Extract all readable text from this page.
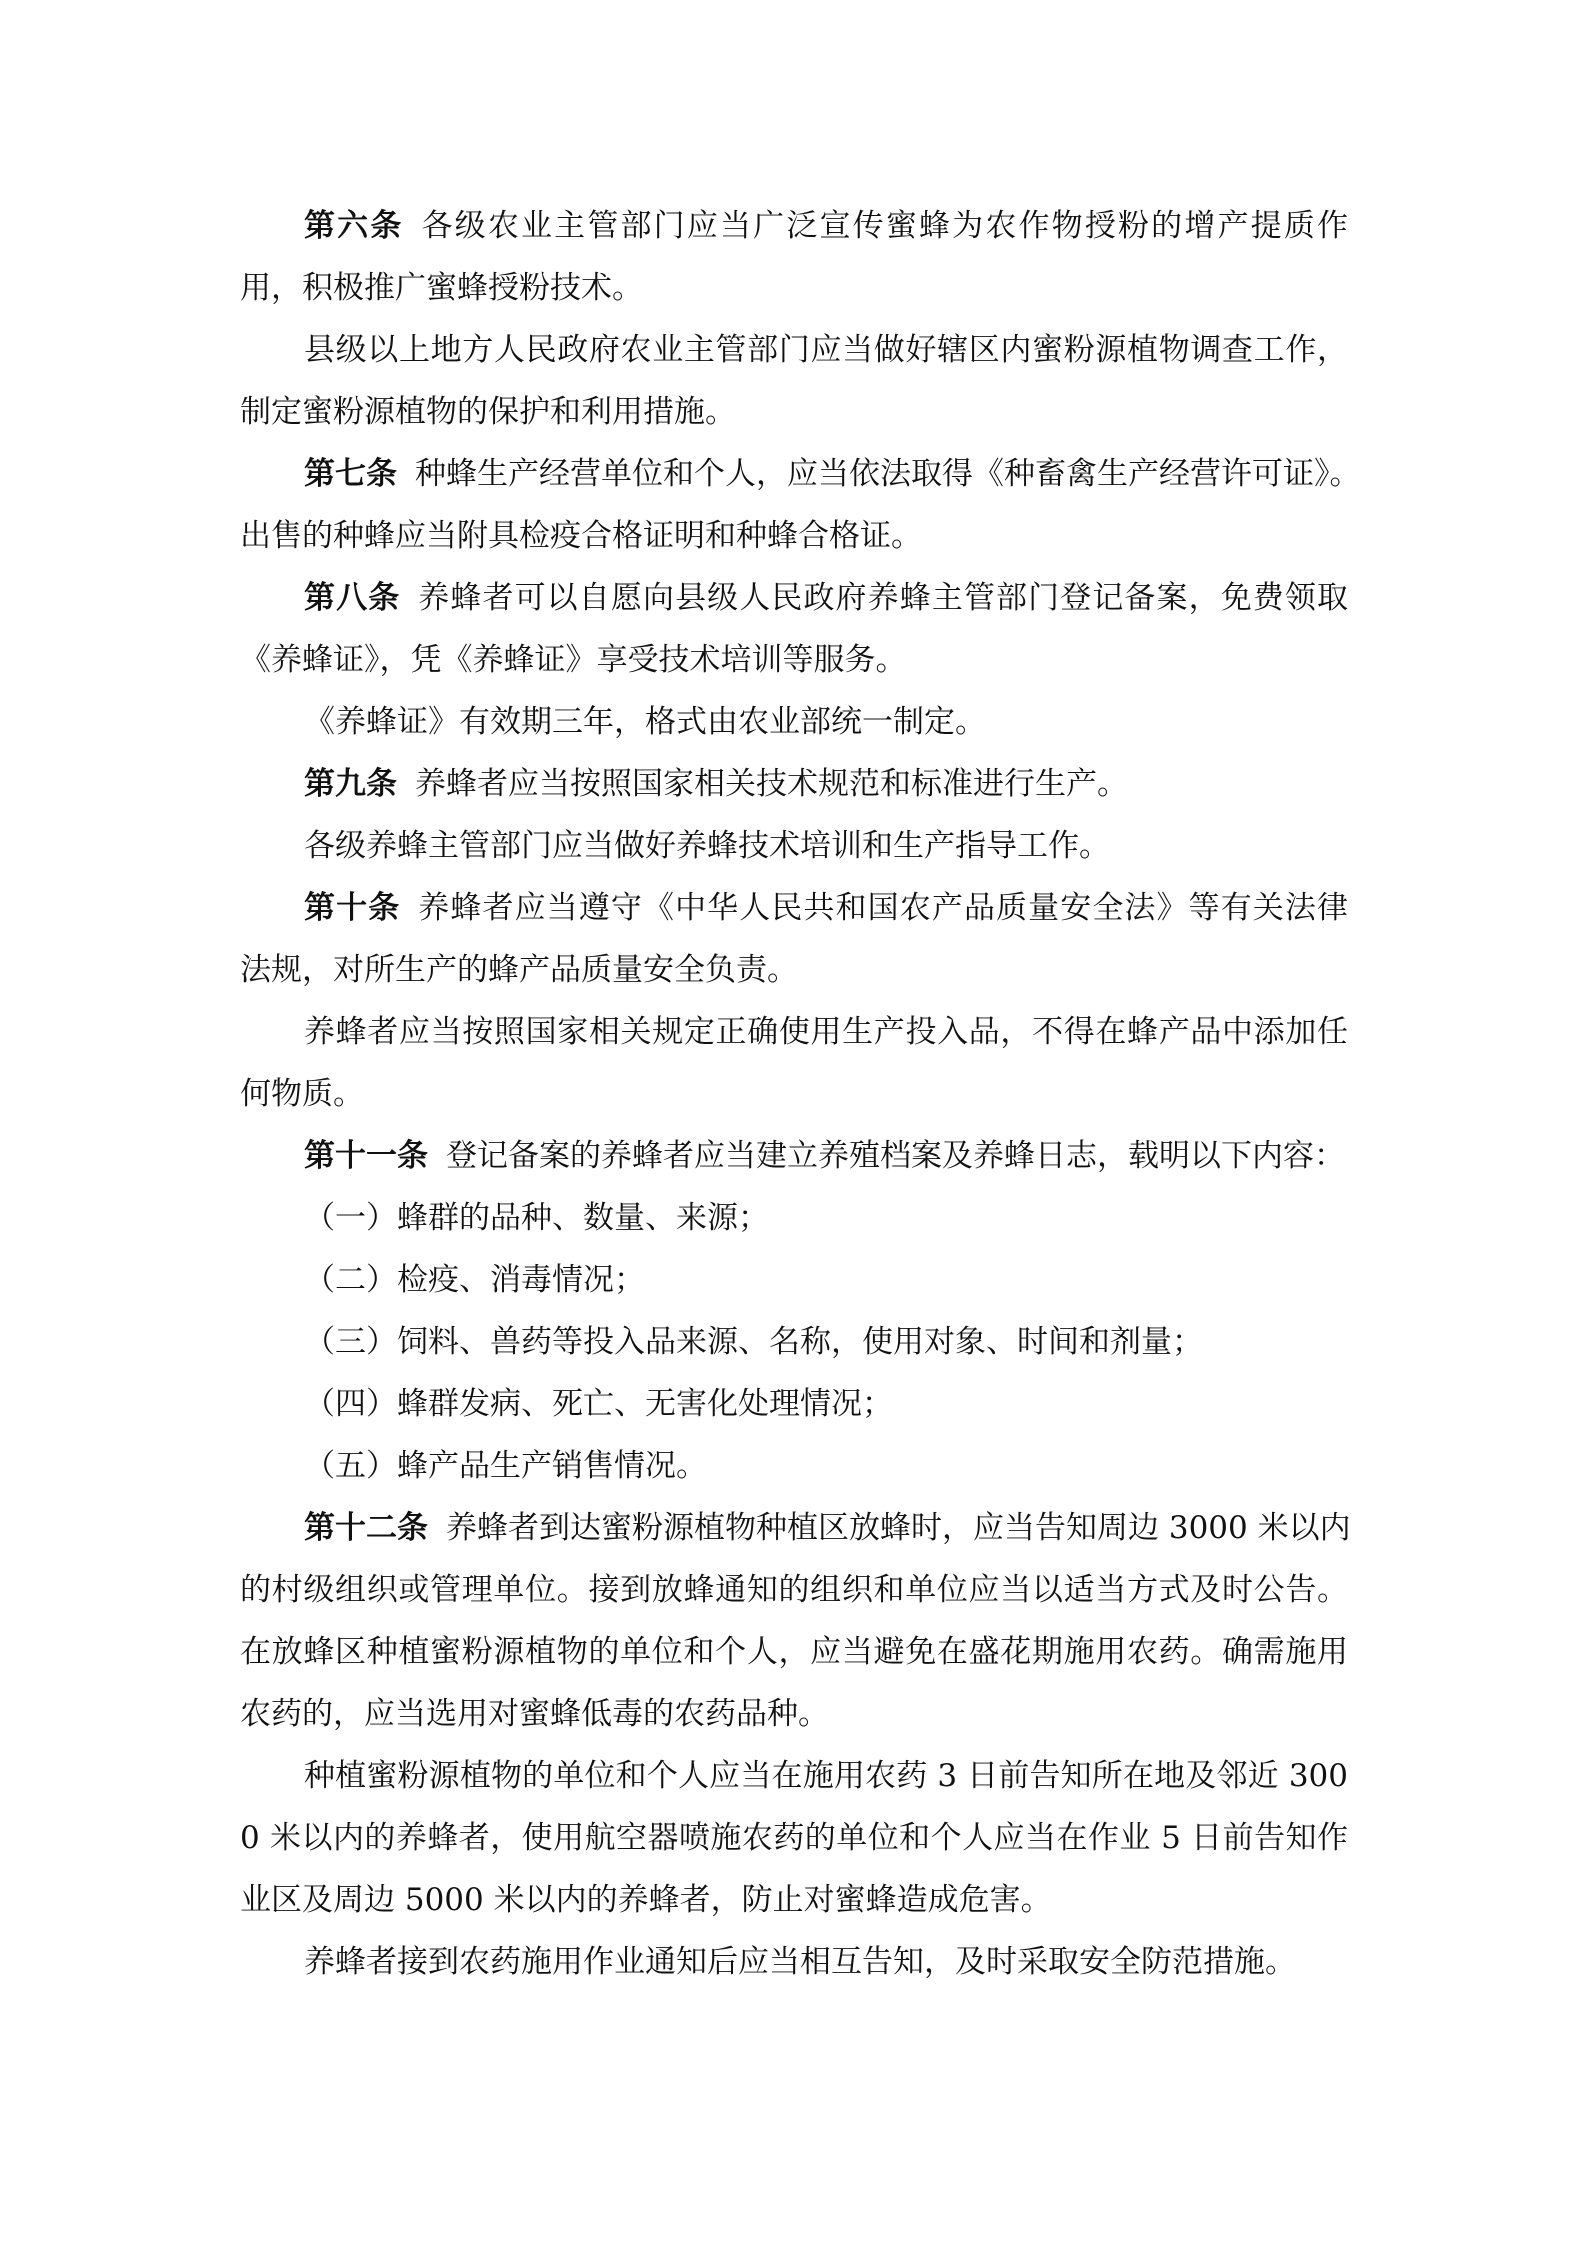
第六条 各级农业主管部门应当广泛宣传蜜蜂为农作物授粉的增产提质作
用，积极推广蜜蜂授粉技术。
县级以上地方人民政府农业主管部门应当做好辖区内蜜粉源植物调查工作，
制定蜜粉源植物的保护和利用措施。
第七条 种蜂生产经营单位和个人，应当依法取得《种畜禽生产经营许可证》。
出售的种蜂应当附具检疫合格证明和种蜂合格证。
第八条 养蜂者可以自愿向县级人民政府养蜂主管部门登记备案，免费领取
《养蜂证》，凭《养蜂证》享受技术培训等服务。
《养蜂证》有效期三年，格式由农业部统一制定。
第九条 养蜂者应当按照国家相关技术规范和标准进行生产。
各级养蜂主管部门应当做好养蜂技术培训和生产指导工作。
第十条 养蜂者应当遵守《中华人民共和国农产品质量安全法》等有关法律
法规，对所生产的蜂产品质量安全负责。
养蜂者应当按照国家相关规定正确使用生产投入品，不得在蜂产品中添加任
何物质。
第十一条 登记备案的养蜂者应当建立养殖档案及养蜂日志，载明以下内容：
（一）蜂群的品种、数量、来源；
（二）检疫、消毒情况；
（三）饲料、兽药等投入品来源、名称，使用对象、时间和剂量；
（四）蜂群发病、死亡、无害化处理情况；
（五）蜂产品生产销售情况。
第十二条 养蜂者到达蜜粉源植物种植区放蜂时，应当告知周边 3000 米以内
的村级组织或管理单位。接到放蜂通知的组织和单位应当以适当方式及时公告。
在放蜂区种植蜜粉源植物的单位和个人，应当避免在盛花期施用农药。确需施用
农药的，应当选用对蜜蜂低毒的农药品种。
种植蜜粉源植物的单位和个人应当在施用农药 3 日前告知所在地及邻近 300
0 米以内的养蜂者，使用航空器喷施农药的单位和个人应当在作业 5 日前告知作
业区及周边 5000 米以内的养蜂者，防止对蜜蜂造成危害。
养蜂者接到农药施用作业通知后应当相互告知，及时采取安全防范措施。
